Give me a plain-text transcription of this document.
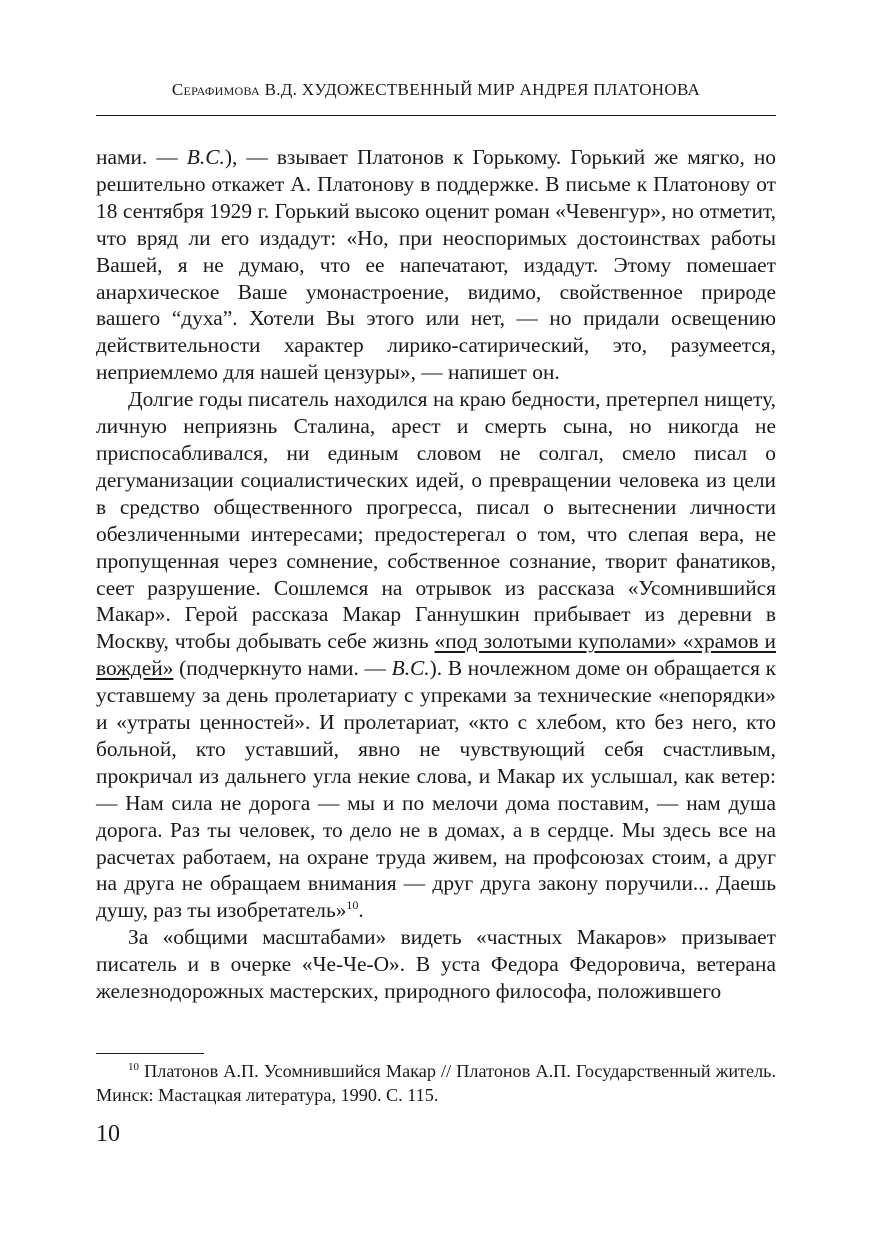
Серафимова В.Д. ХУДОЖЕСТВЕННЫЙ МИР АНДРЕЯ ПЛАТОНОВА

нами. — В.С.), — взывает Платонов к Горькому. Горький же мягко, но решительно откажет А. Платонову в поддержке. В письме к Платонову от 18 сентября 1929 г. Горький высоко оценит роман «Чевенгур», но отметит, что вряд ли его издадут: «Но, при неоспоримых достоинствах работы Вашей, я не думаю, что ее напечатают, издадут. Этому помешает анархическое Ваше умонастроение, видимо, свойственное природе вашего “духа”. Хотели Вы этого или нет, — но придали освещению действительности характер лирико-сатирический, это, разумеется, неприемлемо для нашей цензуры», — напишет он.

Долгие годы писатель находился на краю бедности, претерпел нищету, личную неприязнь Сталина, арест и смерть сына, но никогда не приспосабливался, ни единым словом не солгал, смело писал о дегуманизации социалистических идей, о превращении человека из цели в средство общественного прогресса, писал о вытеснении личности обезличенными интересами; предостерегал о том, что слепая вера, не пропущенная через сомнение, собственное сознание, творит фанатиков, сеет разрушение. Сошлемся на отрывок из рассказа «Усомнившийся Макар». Герой рассказа Макар Ганнушкин прибывает из деревни в Москву, чтобы добывать себе жизнь «под золотыми куполами» «храмов и вождей» (подчеркнуто нами. — В.С.). В ночлежном доме он обращается к уставшему за день пролетариату с упреками за технические «непорядки» и «утраты ценностей». И пролетариат, «кто с хлебом, кто без него, кто больной, кто уставший, явно не чувствующий себя счастливым, прокричал из дальнего угла некие слова, и Макар их услышал, как ветер: — Нам сила не дорога — мы и по мелочи дома поставим, — нам душа дорога. Раз ты человек, то дело не в домах, а в сердце. Мы здесь все на расчетах работаем, на охране труда живем, на профсоюзах стоим, а друг на друга не обращаем внимания — друг друга закону поручили... Даешь душу, раз ты изобретатель»$^{10}$.

За «общими масштабами» видеть «частных Макаров» призывает писатель и в очерке «Че-Че-О». В уста Федора Федоровича, ветерана железнодорожных мастерских, природного философа, положившего

$^{10}$ Платонов А.П. Усомнившийся Макар // Платонов А.П. Государственный житель. Минск: Мастацкая литература, 1990. С. 115.
10
